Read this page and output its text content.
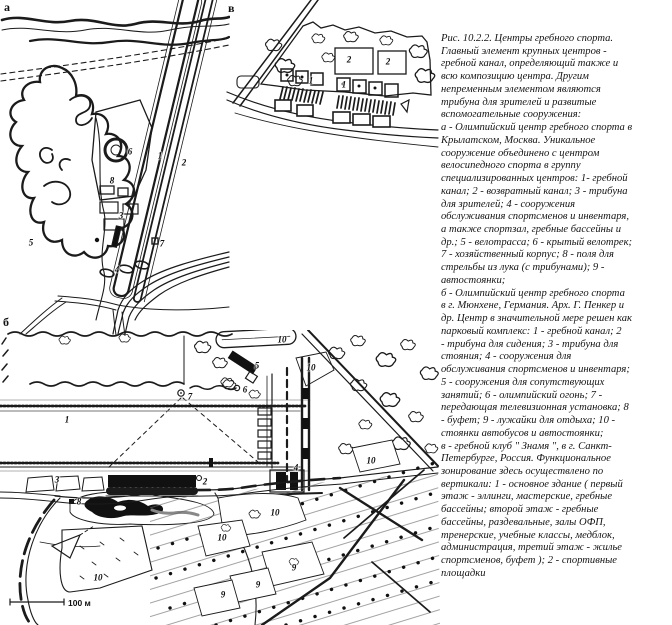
а
1
2
3
4
5
6
7
8
в
1	1
2	2
б
1
2
3
4
5
6
7
8
9
9
9
10
10
10
10
10
10
100 м
Рис. 10.2.2. Центры гребного спорта.
Главный элемент крупных центров -
гребной канал, определяющий также и
всю композицию центра. Другим
непременным элементом являются
трибуна для зрителей и развитые
вспомогательные сооружения:
а - Олимпийский центр гребного спорта в
Крылатском, Москва. Уникальное
сооружение объединено с центром
велосипедного спорта в группу
специализированных центров: 1- гребной
канал; 2 - возвратный канал; 3 - трибуна
для зрителей; 4 - сооружения
обслуживания спортсменов и инвентаря,
а также спортзал, гребные бассейны и
др.; 5 - велотрасса; 6 - крытый велотрек;
7 - хозяйственный корпус; 8 - поля для
стрельбы из лука (с трибунами); 9 -
автостоянки;
б - Олимпийский центр гребного спорта
в г. Мюнхене, Германия. Арх. Г. Пенкер и
др. Центр в значительной мере решен как
парковый комплекс: 1 - гребной канал; 2
- трибуна для сидения; 3 - трибуна для
стояния; 4 - сооружения для
обслуживания спортсменов и инвентаря;
5 - сооружения для сопутствующих
занятий; 6 - олимпийский огонь; 7 -
передающая телевизионная установка; 8
- буфет; 9 - лужайки для отдыха; 10 -
стоянки автобусов и автостоянки;
в - гребной клуб " Знамя ", в г. Санкт-
Петербурге, Россия. Функциональное
зонирование здесь осуществлено по
вертикали: 1 - основное здание ( первый
этаж - эллинги, мастерские, гребные
бассейны; второй этаж - гребные
бассейны, раздевальные, залы ОФП,
тренерские, учебные классы, медблок,
администрация, третий этаж - жилье
спортсменов, буфет ); 2 - спортивные
площадки
